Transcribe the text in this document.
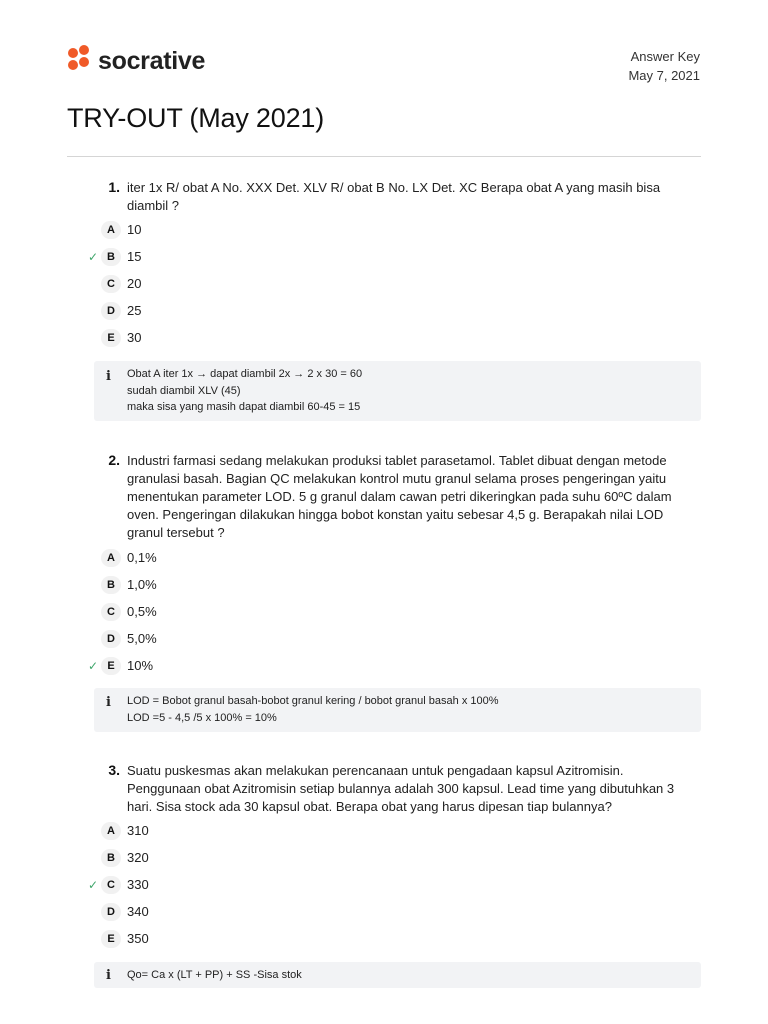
socrative	Answer Key
May 7, 2021
TRY-OUT (May 2021)
1. iter 1x R/ obat A No. XXX Det. XLV R/ obat B No. LX Det. XC Berapa obat A yang masih bisa diambil ?
A 10
✓ B 15
C 20
D 25
E 30
i Obat A iter 1x → dapat diambil 2x → 2 x 30 = 60
sudah diambil XLV (45)
maka sisa yang masih dapat diambil 60-45 = 15
2. Industri farmasi sedang melakukan produksi tablet parasetamol. Tablet dibuat dengan metode granulasi basah. Bagian QC melakukan kontrol mutu granul selama proses pengeringan yaitu menentukan parameter LOD. 5 g granul dalam cawan petri dikeringkan pada suhu 60ºC dalam oven. Pengeringan dilakukan hingga bobot konstan yaitu sebesar 4,5 g. Berapakah nilai LOD granul tersebut ?
A 0,1%
B 1,0%
C 0,5%
D 5,0%
✓ E 10%
i LOD = Bobot granul basah-bobot granul kering / bobot granul basah x 100%
LOD =5 - 4,5 /5 x 100% = 10%
3. Suatu puskesmas akan melakukan perencanaan untuk pengadaan kapsul Azitromisin. Penggunaan obat Azitromisin setiap bulannya adalah 300 kapsul. Lead time yang dibutuhkan 3 hari. Sisa stock ada 30 kapsul obat. Berapa obat yang harus dipesan tiap bulannya?
A 310
B 320
✓ C 330
D 340
E 350
i Qo= Ca x (LT + PP) + SS -Sisa stok
